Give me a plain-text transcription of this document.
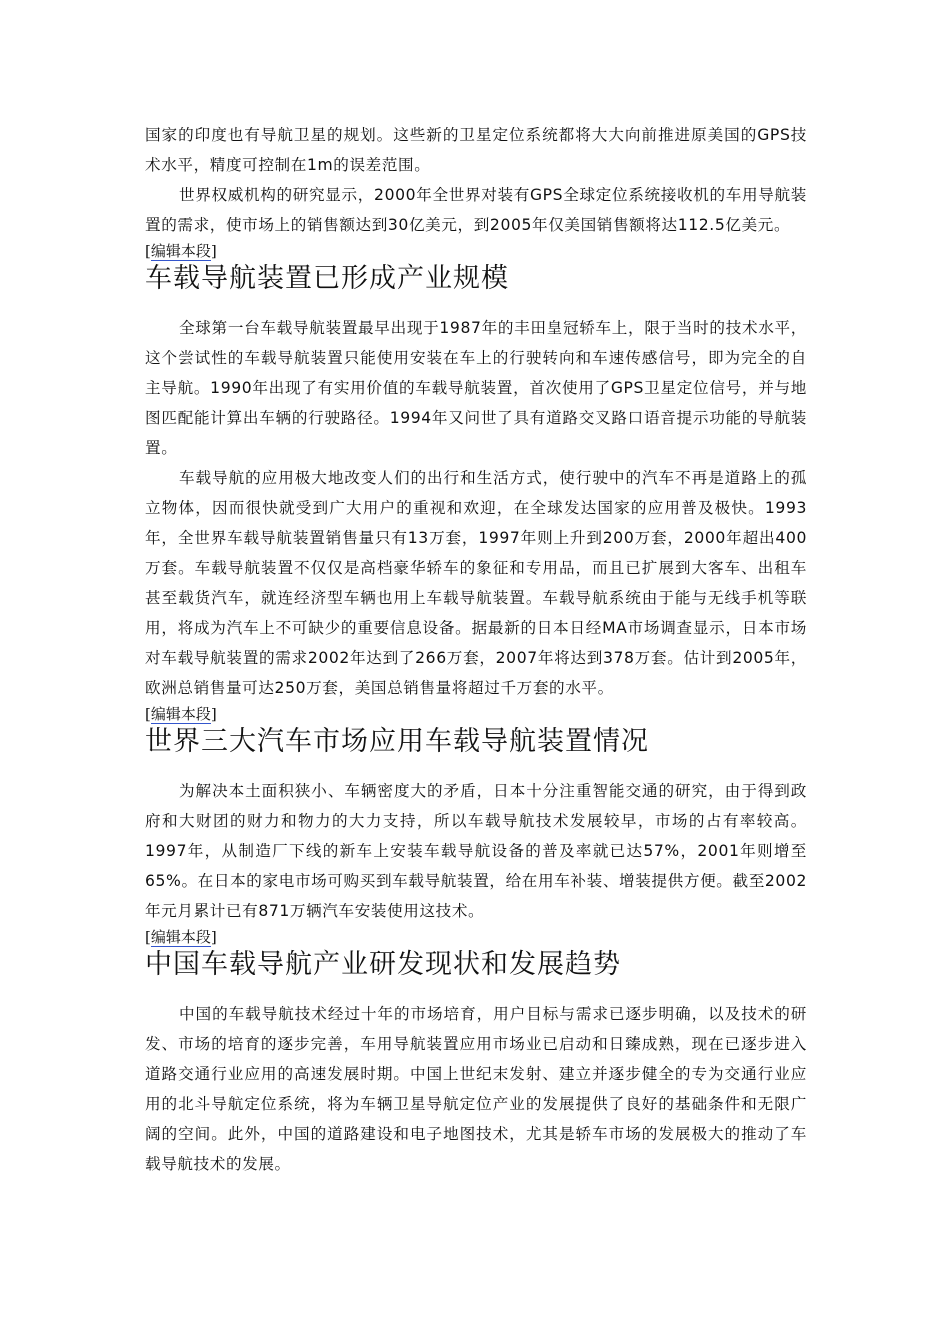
国家的印度也有导航卫星的规划。这些新的卫星定位系统都将大大向前推进原美国的GPS技术水平，精度可控制在1m的误差范围。

世界权威机构的研究显示，2000年全世界对装有GPS全球定位系统接收机的车用导航装置的需求，使市场上的销售额达到30亿美元，到2005年仅美国销售额将达112.5亿美元。

[编辑本段]
车载导航装置已形成产业规模

全球第一台车载导航装置最早出现于1987年的丰田皇冠轿车上，限于当时的技术水平，这个尝试性的车载导航装置只能使用安装在车上的行驶转向和车速传感信号，即为完全的自主导航。1990年出现了有实用价值的车载导航装置，首次使用了GPS卫星定位信号，并与地图匹配能计算出车辆的行驶路径。1994年又问世了具有道路交叉路口语音提示功能的导航装置。

车载导航的应用极大地改变人们的出行和生活方式，使行驶中的汽车不再是道路上的孤立物体，因而很快就受到广大用户的重视和欢迎，在全球发达国家的应用普及极快。1993年，全世界车载导航装置销售量只有13万套，1997年则上升到200万套，2000年超出400万套。车载导航装置不仅仅是高档豪华轿车的象征和专用品，而且已扩展到大客车、出租车甚至载货汽车，就连经济型车辆也用上车载导航装置。车载导航系统由于能与无线手机等联用，将成为汽车上不可缺少的重要信息设备。据最新的日本日经MA市场调查显示，日本市场对车载导航装置的需求2002年达到了266万套，2007年将达到378万套。估计到2005年，欧洲总销售量可达250万套，美国总销售量将超过千万套的水平。

[编辑本段]
世界三大汽车市场应用车载导航装置情况

为解决本土面积狭小、车辆密度大的矛盾，日本十分注重智能交通的研究，由于得到政府和大财团的财力和物力的大力支持，所以车载导航技术发展较早，市场的占有率较高。1997年，从制造厂下线的新车上安装车载导航设备的普及率就已达57%，2001年则增至65%。在日本的家电市场可购买到车载导航装置，给在用车补装、增装提供方便。截至2002年元月累计已有871万辆汽车安装使用这技术。

[编辑本段]
中国车载导航产业研发现状和发展趋势

中国的车载导航技术经过十年的市场培育，用户目标与需求已逐步明确，以及技术的研发、市场的培育的逐步完善，车用导航装置应用市场业已启动和日臻成熟，现在已逐步进入道路交通行业应用的高速发展时期。中国上世纪末发射、建立并逐步健全的专为交通行业应用的北斗导航定位系统，将为车辆卫星导航定位产业的发展提供了良好的基础条件和无限广阔的空间。此外，中国的道路建设和电子地图技术，尤其是轿车市场的发展极大的推动了车载导航技术的发展。
